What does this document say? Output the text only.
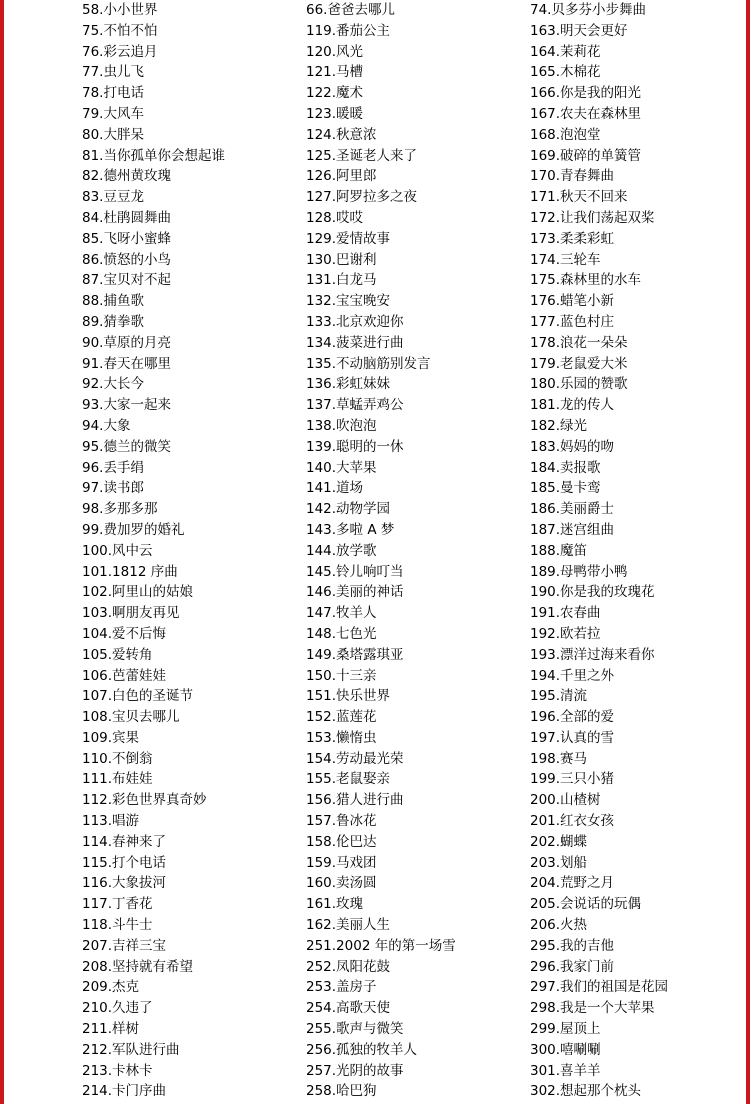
58.小小世界
75.不怕不怕
76.彩云追月
77.虫儿飞
78.打电话
79.大风车
80.大胖呆
81.当你孤单你会想起谁
82.德州黄玫瑰
83.豆豆龙
84.杜鹃圆舞曲
85.飞呀小蜜蜂
86.愤怒的小鸟
87.宝贝对不起
88.捕鱼歌
89.猜拳歌
90.草原的月亮
91.春天在哪里
92.大长今
93.大家一起来
94.大象
95.德兰的微笑
96.丢手绢
97.读书郎
98.多那多那
99.费加罗的婚礼
100.风中云
101.1812 序曲
102.阿里山的姑娘
103.啊朋友再见
104.爱不后悔
105.爱转角
106.芭蕾娃娃
107.白色的圣诞节
108.宝贝去哪儿
109.宾果
110.不倒翁
111.布娃娃
112.彩色世界真奇妙
113.唱游
114.春神来了
115.打个电话
116.大象拔河
117.丁香花
118.斗牛士
207.吉祥三宝
208.坚持就有希望
209.杰克
210.久违了
211.样树
212.军队进行曲
213.卡林卡
214.卡门序曲
66.爸爸去哪儿
119.番茄公主
120.风光
121.马槽
122.魔术
123.暖暖
124.秋意浓
125.圣诞老人来了
126.阿里郎
127.阿罗拉多之夜
128.哎哎
129.爱情故事
130.巴谢利
131.白龙马
132.宝宝晚安
133.北京欢迎你
134.菠菜进行曲
135.不动脑筋别发言
136.彩虹妹妹
137.草蜢弄鸡公
138.吹泡泡
139.聪明的一休
140.大苹果
141.道场
142.动物学园
143.多啦 A 梦
144.放学歌
145.铃儿响叮当
146.美丽的神话
147.牧羊人
148.七色光
149.桑塔露琪亚
150.十三亲
151.快乐世界
152.蓝莲花
153.懒惰虫
154.劳动最光荣
155.老鼠娶亲
156.猎人进行曲
157.鲁冰花
158.伦巴达
159.马戏团
160.卖汤圆
161.玫瑰
162.美丽人生
251.2002 年的第一场雪
252.凤阳花鼓
253.盖房子
254.高歌天使
255.歌声与微笑
256.孤独的牧羊人
257.光阴的故事
258.哈巴狗
74.贝多芬小步舞曲
163.明天会更好
164.茉莉花
165.木棉花
166.你是我的阳光
167.农夫在森林里
168.泡泡堂
169.破碎的单簧管
170.青春舞曲
171.秋天不回来
172.让我们荡起双桨
173.柔柔彩虹
174.三轮车
175.森林里的水车
176.蜡笔小新
177.蓝色村庄
178.浪花一朵朵
179.老鼠爱大米
180.乐园的赞歌
181.龙的传人
182.绿光
183.妈妈的吻
184.卖报歌
185.曼卡鸾
186.美丽爵士
187.迷宫组曲
188.魔笛
189.母鸭带小鸭
190.你是我的玫瑰花
191.农春曲
192.欧若拉
193.漂洋过海来看你
194.千里之外
195.清流
196.全部的爱
197.认真的雪
198.赛马
199.三只小猪
200.山楂树
201.红衣女孩
202.蝴蝶
203.划船
204.荒野之月
205.会说话的玩偶
206.火热
295.我的吉他
296.我家门前
297.我们的祖国是花园
298.我是一个大苹果
299.屋顶上
300.嘻唰唰
301.喜羊羊
302.想起那个枕头
